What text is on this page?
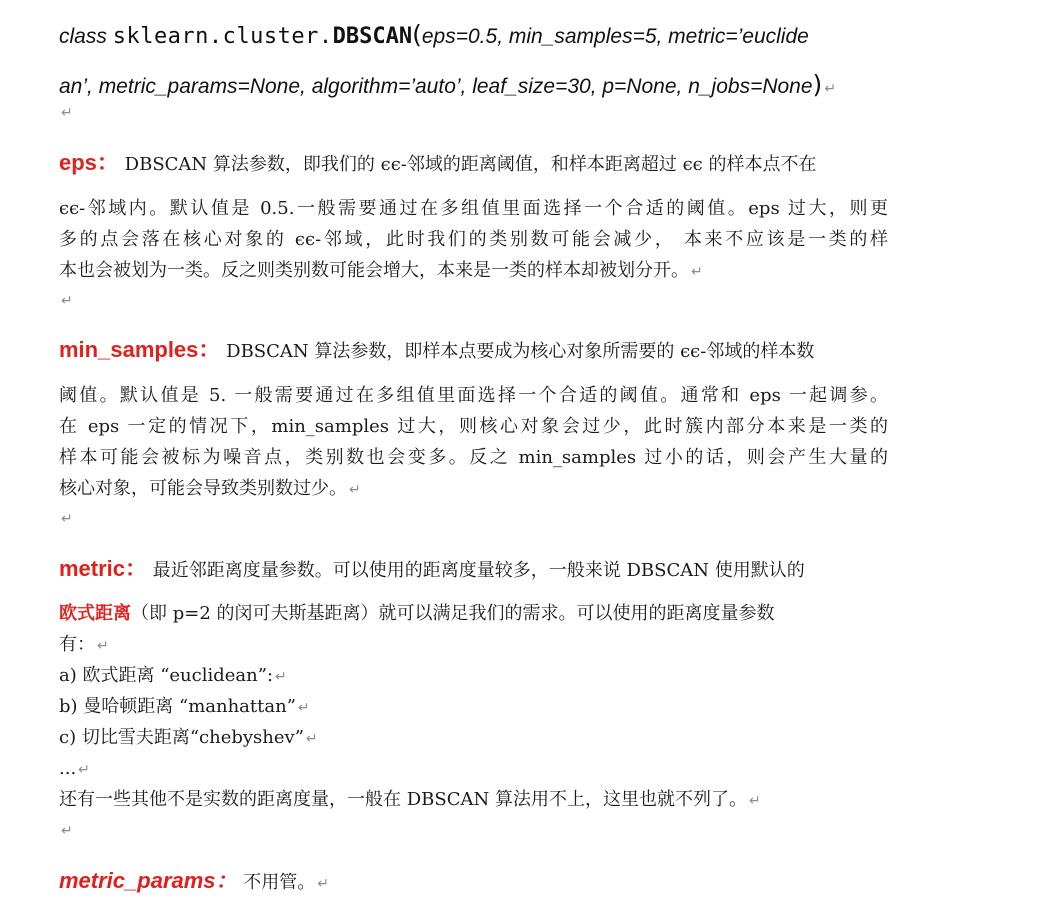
class sklearn.cluster.DBSCAN(eps=0.5, min_samples=5, metric=’euclide
an’, metric_params=None, algorithm=’auto’, leaf_size=30, p=None, n_jobs=None) ↵
↵
eps： DBSCAN 算法参数，即我们的 ϵϵ-邻域的距离阈值，和样本距离超过 ϵϵ 的样本点不在
ϵϵ-邻域内。默认值是 0.5.一般需要通过在多组值里面选择一个合适的阈值。eps 过大，则更
多的点会落在核心对象的 ϵϵ-邻域，此时我们的类别数可能会减少， 本来不应该是一类的样
本也会被划为一类。反之则类别数可能会增大，本来是一类的样本却被划分开。 ↵
↵
min_samples： DBSCAN 算法参数，即样本点要成为核心对象所需要的 ϵϵ-邻域的样本数
阈值。默认值是 5. 一般需要通过在多组值里面选择一个合适的阈值。通常和 eps 一起调参。
在 eps 一定的情况下，min_samples 过大，则核心对象会过少，此时簇内部分本来是一类的
样本可能会被标为噪音点，类别数也会变多。反之 min_samples 过小的话，则会产生大量的
核心对象，可能会导致类别数过少。 ↵
↵
metric： 最近邻距离度量参数。可以使用的距离度量较多，一般来说 DBSCAN 使用默认的
欧式距离（即 p=2 的闵可夫斯基距离）就可以满足我们的需求。可以使用的距离度量参数
有： ↵
a) 欧式距离 “euclidean”: ↵
b) 曼哈顿距离 “manhattan” ↵
c) 切比雪夫距离“chebyshev” ↵
... ↵
还有一些其他不是实数的距离度量，一般在 DBSCAN 算法用不上，这里也就不列了。 ↵
↵
metric_params： 不用管。 ↵
